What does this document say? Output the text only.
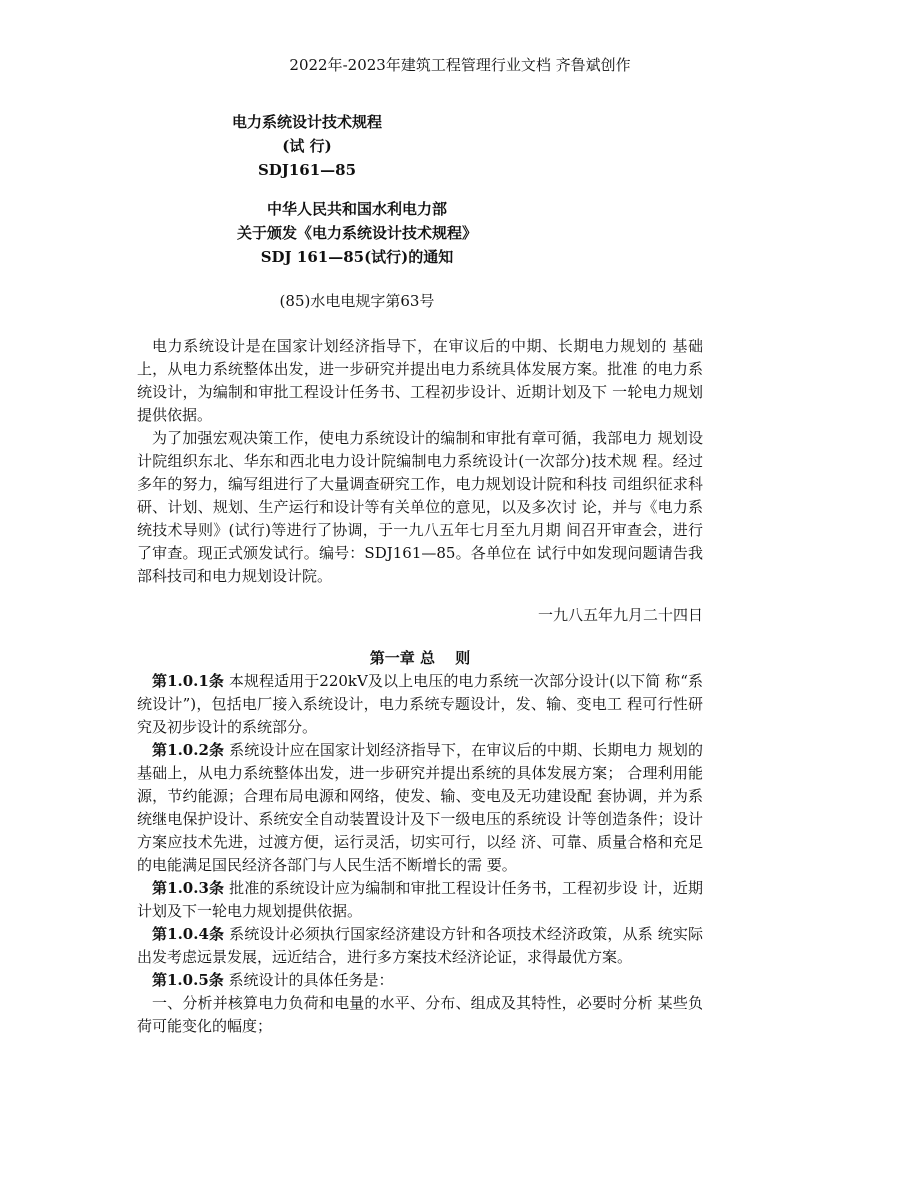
2022年-2023年建筑工程管理行业文档 齐鲁斌创作
电力系统设计技术规程
(试 行)
SDJ161—85
中华人民共和国水利电力部
关于颁发《电力系统设计技术规程》
SDJ 161—85(试行)的通知
(85)水电电规字第63号

电力系统设计是在国家计划经济指导下，在审议后的中期、长期电力规划的 基础上，从电力系统整体出发，进一步研究并提出电力系统具体发展方案。批准 的电力系统设计，为编制和审批工程设计任务书、工程初步设计、近期计划及下 一轮电力规划提供依据。

为了加强宏观决策工作，使电力系统设计的编制和审批有章可循，我部电力 规划设计院组织东北、华东和西北电力设计院编制电力系统设计(一次部分)技术规 程。经过多年的努力，编写组进行了大量调查研究工作，电力规划设计院和科技 司组织征求科研、计划、规划、生产运行和设计等有关单位的意见，以及多次讨 论，并与《电力系统技术导则》(试行)等进行了协调，于一九八五年七月至九月期 间召开审查会，进行了审查。现正式颁发试行。编号：SDJ161—85。各单位在 试行中如发现问题请告我部科技司和电力规划设计院。

一九八五年九月二十四日
第一章 总　 则

第1.0.1条 本规程适用于220kV及以上电压的电力系统一次部分设计(以下简 称“系统设计”)，包括电厂接入系统设计，电力系统专题设计，发、输、变电工 程可行性研究及初步设计的系统部分。

第1.0.2条 系统设计应在国家计划经济指导下，在审议后的中期、长期电力 规划的基础上，从电力系统整体出发，进一步研究并提出系统的具体发展方案； 合理利用能源，节约能源；合理布局电源和网络，使发、输、变电及无功建设配 套协调，并为系统继电保护设计、系统安全自动装置设计及下一级电压的系统设 计等创造条件；设计方案应技术先进，过渡方便，运行灵活，切实可行，以经 济、可靠、质量合格和充足的电能满足国民经济各部门与人民生活不断增长的需 要。

第1.0.3条 批准的系统设计应为编制和审批工程设计任务书，工程初步设 计，近期计划及下一轮电力规划提供依据。

第1.0.4条 系统设计必须执行国家经济建设方针和各项技术经济政策，从系 统实际出发考虑远景发展，远近结合，进行多方案技术经济论证，求得最优方案。

第1.0.5条 系统设计的具体任务是：

一、分析并核算电力负荷和电量的水平、分布、组成及其特性，必要时分析 某些负荷可能变化的幅度；
